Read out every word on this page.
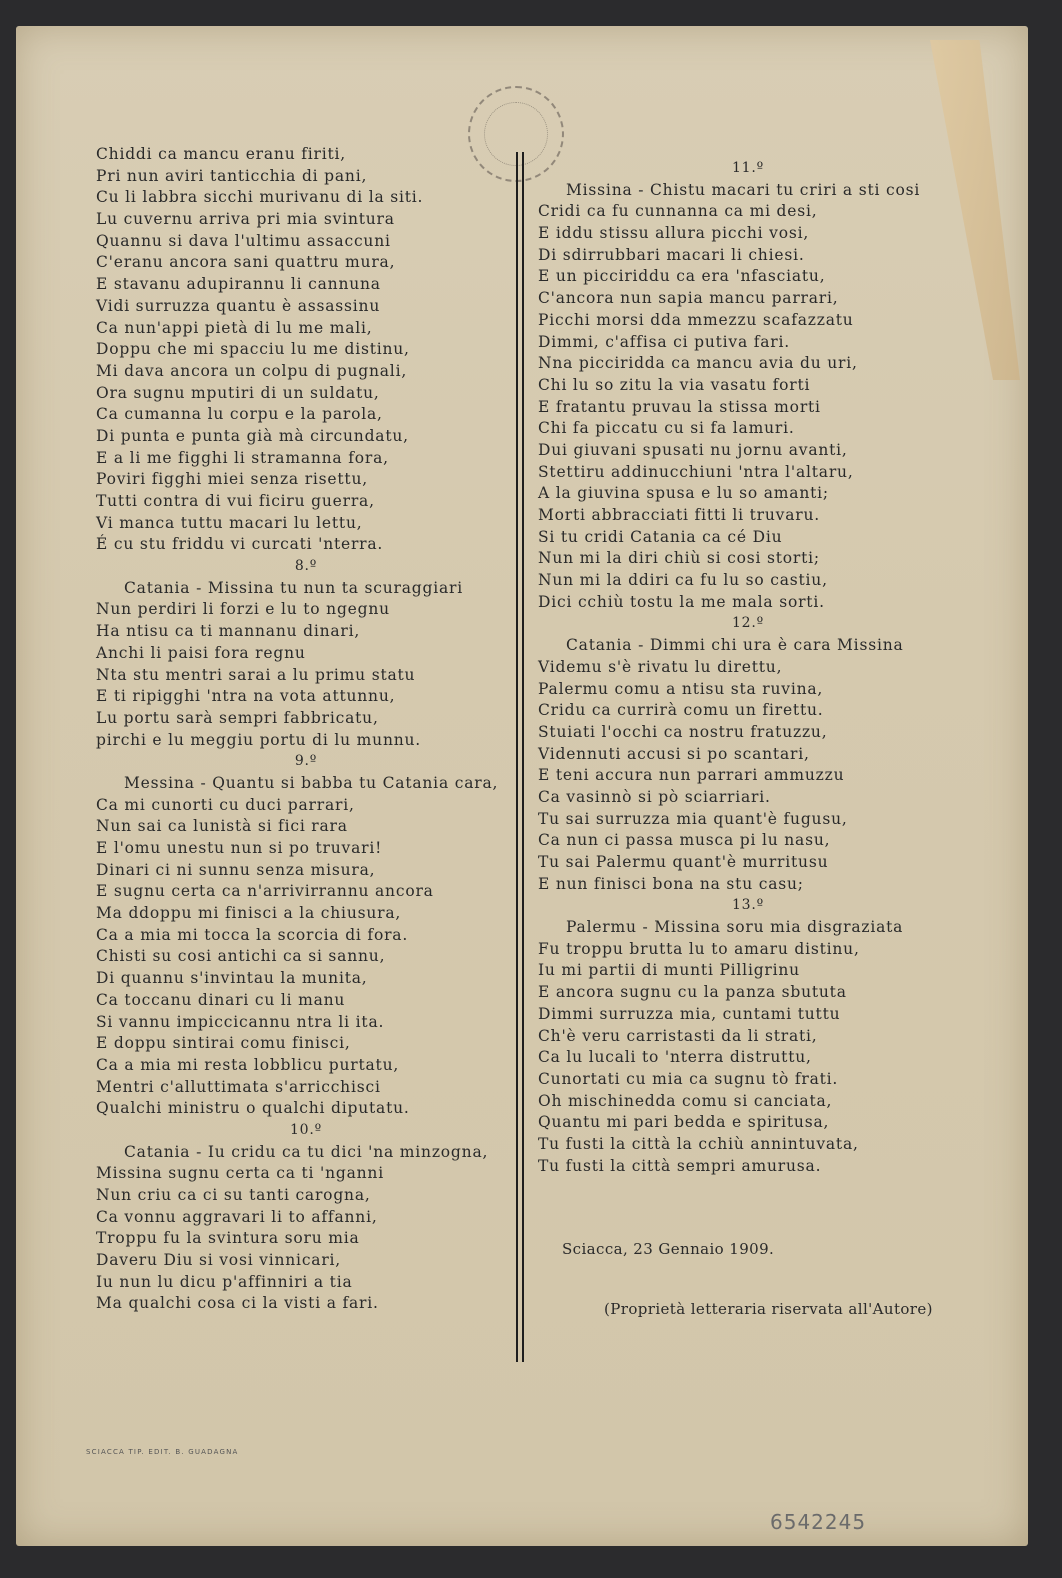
Chiddi ca mancu eranu firiti,
Pri nun aviri tanticchia di pani,
Cu li labbra sicchi murivanu di la siti.
Lu cuvernu arriva pri mia svintura
Quannu si dava l'ultimu assaccuni
C'eranu ancora sani quattru mura,
E stavanu adupirannu li cannuna
Vidi surruzza quantu è assassinu
Ca nun'appi pietà di lu me mali,
Doppu che mi spacciu lu me distinu,
Mi dava ancora un colpu di pugnali,
Ora sugnu mputiri di un suldatu,
Ca cumanna lu corpu e la parola,
Di punta e punta già mà circundatu,
E a li me figghi li stramanna fora,
Poviri figghi miei senza risettu,
Tutti contra di vui ficiru guerra,
Vi manca tuttu macari lu lettu,
É cu stu friddu vi curcati 'nterra.
8.º
Catania - Missina tu nun ta scuraggiari
Nun perdiri li forzi e lu to ngegnu
Ha ntisu ca ti mannanu dinari,
Anchi li paisi fora regnu
Nta stu mentri sarai a lu primu statu
E ti ripigghi 'ntra na vota attunnu,
Lu portu sarà sempri fabbricatu,
pirchi e lu meggiu portu di lu munnu.
9.º
Messina - Quantu si babba tu Catania cara,
Ca mi cunorti cu duci parrari,
Nun sai ca lunistà si fici rara
E l'omu unestu nun si po truvari!
Dinari ci ni sunnu senza misura,
E sugnu certa ca n'arrivirrannu ancora
Ma ddoppu mi finisci a la chiusura,
Ca a mia mi tocca la scorcia di fora.
Chisti su cosi antichi ca si sannu,
Di quannu s'invintau la munita,
Ca toccanu dinari cu li manu
Si vannu impiccicannu ntra li ita.
E doppu sintirai comu finisci,
Ca a mia mi resta lobblicu purtatu,
Mentri c'alluttimata s'arricchisci
Qualchi ministru o qualchi diputatu.
10.º
Catania - Iu cridu ca tu dici 'na minzogna,
Missina sugnu certa ca ti 'nganni
Nun criu ca ci su tanti carogna,
Ca vonnu aggravari li to affanni,
Troppu fu la svintura soru mia
Daveru Diu si vosi vinnicari,
Iu nun lu dicu p'affinniri a tia
Ma qualchi cosa ci la visti a fari.
11.º
Missina - Chistu macari tu criri a sti cosi
Cridi ca fu cunnanna ca mi desi,
E iddu stissu allura picchi vosi,
Di sdirrubbari macari li chiesi.
E un picciriddu ca era 'nfasciatu,
C'ancora nun sapia mancu parrari,
Picchi morsi dda mmezzu scafazzatu
Dimmi, c'affisa ci putiva fari.
Nna picciridda ca mancu avia du uri,
Chi lu so zitu la via vasatu forti
E fratantu pruvau la stissa morti
Chi fa piccatu cu si fa lamuri.
Dui giuvani spusati nu jornu avanti,
Stettiru addinucchiuni 'ntra l'altaru,
A la giuvina spusa e lu so amanti;
Morti abbracciati fitti li truvaru.
Si tu cridi Catania ca cé Diu
Nun mi la diri chiù si cosi storti;
Nun mi la ddiri ca fu lu so castiu,
Dici cchiù tostu la me mala sorti.
12.º
Catania - Dimmi chi ura è cara Missina
Videmu s'è rivatu lu direttu,
Palermu comu a ntisu sta ruvina,
Cridu ca currirà comu un firettu.
Stuiati l'occhi ca nostru fratuzzu,
Vidennuti accusi si po scantari,
E teni accura nun parrari ammuzzu
Ca vasinnò si pò sciarriari.
Tu sai surruzza mia quant'è fugusu,
Ca nun ci passa musca pi lu nasu,
Tu sai Palermu quant'è murritusu
E nun finisci bona na stu casu;
13.º
Palermu - Missina soru mia disgraziata
Fu troppu brutta lu to amaru distinu,
Iu mi partii di munti Pilligrinu
E ancora sugnu cu la panza sbututa
Dimmi surruzza mia, cuntami tuttu
Ch'è veru carristasti da li strati,
Ca lu lucali to 'nterra distruttu,
Cunortati cu mia ca sugnu tò frati.
Oh mischinedda comu si canciata,
Quantu mi pari bedda e spiritusa,
Tu fusti la città la cchiù annintuvata,
Tu fusti la città sempri amurusa.
Sciacca, 23 Gennaio 1909.
(Proprietà letteraria riservata all'Autore)
SCIACCA TIP. EDIT. B. GUADAGNA
6542245
